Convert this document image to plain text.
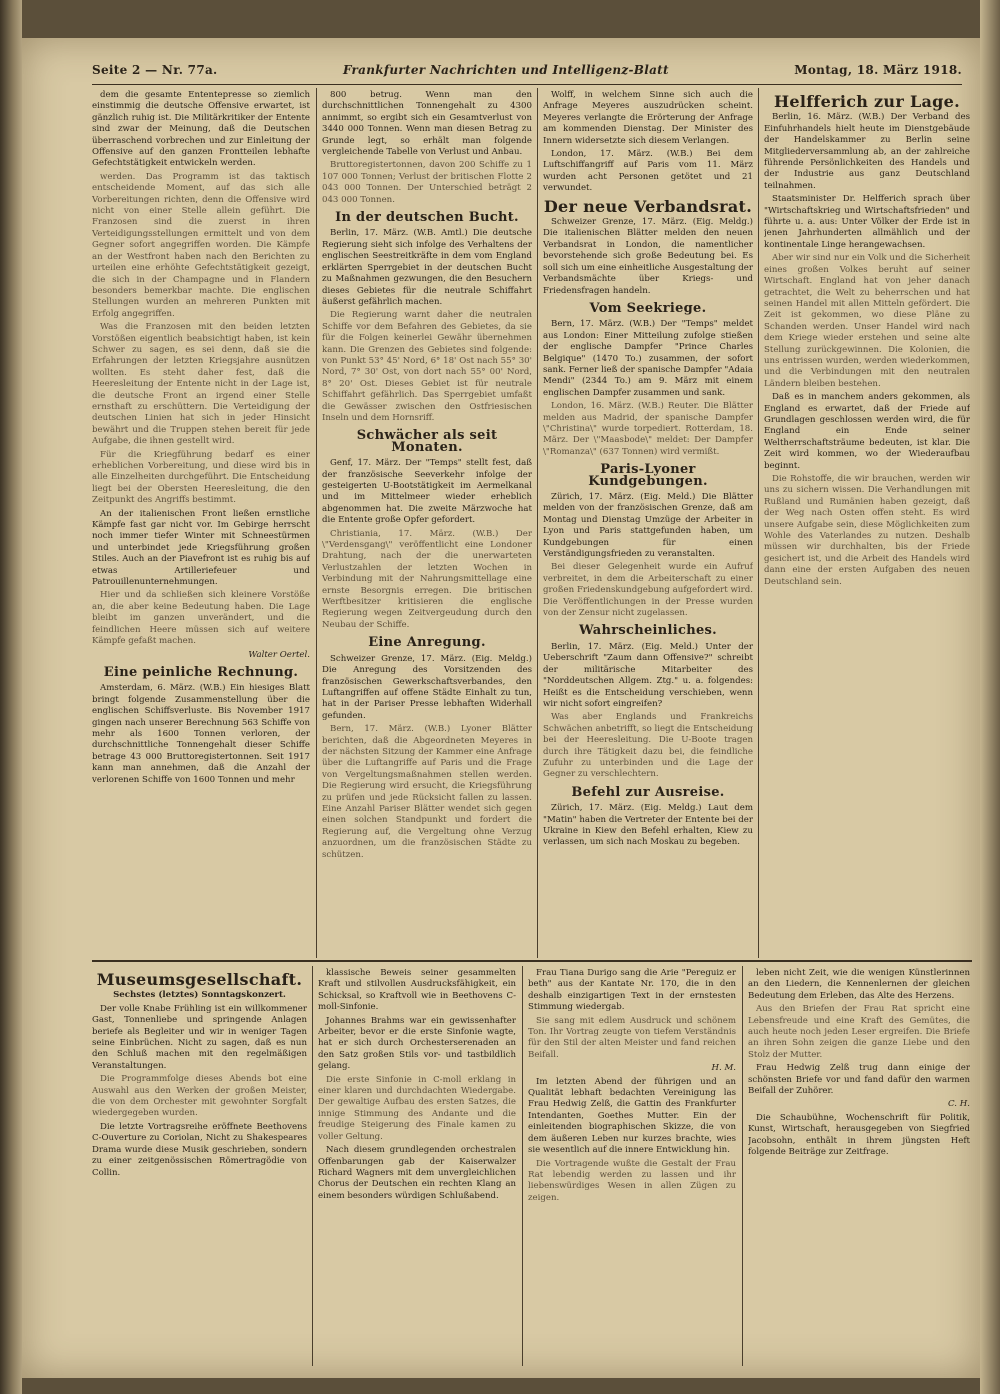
Seite 2 — Nr. 77a.	Frankfurter Nachrichten und Intelligenz-Blatt	Montag, 18. März 1918.

dem die gesamte Ententepresse so ziemlich einstimmig die deutsche Offensive erwartet, ist gänzlich ruhig ist. Die Militärkritiker der Entente sind zwar der Meinung, daß die Deutschen überraschend vorbrechen und zur Einleitung der Offensive auf den ganzen Frontteilen lebhafte Gefechtstätigkeit entwickeln werden.

werden. Das Programm ist das taktisch entscheidende Moment, auf das sich alle Vorbereitungen richten, denn die Offensive wird nicht von einer Stelle allein geführt. Die Franzosen sind die zuerst in ihren Verteidigungsstellungen ermittelt und von dem Gegner sofort angegriffen worden. Die Kämpfe an der Westfront haben nach den Berichten zu urteilen eine erhöhte Gefechtstätigkeit gezeigt, die sich in der Champagne und in Flandern besonders bemerkbar machte. Die englischen Stellungen wurden an mehreren Punkten mit Erfolg angegriffen.

Was die Franzosen mit den beiden letzten Vorstößen eigentlich beabsichtigt haben, ist kein Schwer zu sagen, es sei denn, daß sie die Erfahrungen der letzten Kriegsjahre ausnützen wollten. Es steht daher fest, daß die Heeresleitung der Entente nicht in der Lage ist, die deutsche Front an irgend einer Stelle ernsthaft zu erschüttern. Die Verteidigung der deutschen Linien hat sich in jeder Hinsicht bewährt und die Truppen stehen bereit für jede Aufgabe, die ihnen gestellt wird.

Für die Kriegführung bedarf es einer erheblichen Vorbereitung, und diese wird bis in alle Einzelheiten durchgeführt. Die Entscheidung liegt bei der Obersten Heeresleitung, die den Zeitpunkt des Angriffs bestimmt.

An der italienischen Front ließen ernstliche Kämpfe fast gar nicht vor. Im Gebirge herrscht noch immer tiefer Winter mit Schneestürmen und unterbindet jede Kriegsführung großen Stiles. Auch an der Piavefront ist es ruhig bis auf etwas Artilleriefeuer und Patrouillenunternehmungen.

Hier und da schließen sich kleinere Vorstöße an, die aber keine Bedeutung haben. Die Lage bleibt im ganzen unverändert, und die feindlichen Heere müssen sich auf weitere Kämpfe gefaßt machen.

Walter Oertel.

Eine peinliche Rechnung.

Amsterdam, 6. März. (W.B.) Ein hiesiges Blatt bringt folgende Zusammenstellung über die englischen Schiffsverluste. Bis November 1917 gingen nach unserer Berechnung 563 Schiffe von mehr als 1600 Tonnen verloren, der durchschnittliche Tonnengehalt dieser Schiffe betrage 43 000 Bruttoregistertonnen. Seit 1917 kann man annehmen, daß die Anzahl der verlorenen Schiffe von 1600 Tonnen und mehr

800 betrug. Wenn man den durchschnittlichen Tonnengehalt zu 4300 annimmt, so ergibt sich ein Gesamtverlust von 3440 000 Tonnen. Wenn man diesen Betrag zu Grunde legt, so erhält man folgende vergleichende Tabelle von Verlust und Anbau.

Bruttoregistertonnen, davon 200 Schiffe zu 1 107 000 Tonnen; Verlust der britischen Flotte 2 043 000 Tonnen. Der Unterschied beträgt 2 043 000 Tonnen.

In der deutschen Bucht.

Berlin, 17. März. (W.B. Amtl.) Die deutsche Regierung sieht sich infolge des Verhaltens der englischen Seestreitkräfte in dem vom England erklärten Sperrgebiet in der deutschen Bucht zu Maßnahmen gezwungen, die den Besuchern dieses Gebietes für die neutrale Schiffahrt äußerst gefährlich machen.

Die Regierung warnt daher die neutralen Schiffe vor dem Befahren des Gebietes, da sie für die Folgen keinerlei Gewähr übernehmen kann. Die Grenzen des Gebietes sind folgende: von Punkt 53° 45' Nord, 6° 18' Ost nach 55° 30' Nord, 7° 30' Ost, von dort nach 55° 00' Nord, 8° 20' Ost. Dieses Gebiet ist für neutrale Schiffahrt gefährlich. Das Sperrgebiet umfaßt die Gewässer zwischen den Ostfriesischen Inseln und dem Hornsriff.

Schwächer als seit Monaten.

Genf, 17. März. Der "Temps" stellt fest, daß der französische Seeverkehr infolge der gesteigerten U-Bootstätigkeit im Aermelkanal und im Mittelmeer wieder erheblich abgenommen hat. Die zweite Märzwoche hat die Entente große Opfer gefordert.

Christiania, 17. März. (W.B.) Der \"Verdensgang\" veröffentlicht eine Londoner Drahtung, nach der die unerwarteten Verlustzahlen der letzten Wochen in Verbindung mit der Nahrungsmittellage eine ernste Besorgnis erregen. Die britischen Werftbesitzer kritisieren die englische Regierung wegen Zeitvergeudung durch den Neubau der Schiffe.

Eine Anregung.

Schweizer Grenze, 17. März. (Eig. Meldg.) Die Anregung des Vorsitzenden des französischen Gewerkschaftsverbandes, den Luftangriffen auf offene Städte Einhalt zu tun, hat in der Pariser Presse lebhaften Widerhall gefunden.

Bern, 17. März. (W.B.) Lyoner Blätter berichten, daß die Abgeordneten Meyeres in der nächsten Sitzung der Kammer eine Anfrage über die Luftangriffe auf Paris und die Frage von Vergeltungsmaßnahmen stellen werden. Die Regierung wird ersucht, die Kriegsführung zu prüfen und jede Rücksicht fallen zu lassen. Eine Anzahl Pariser Blätter wendet sich gegen einen solchen Standpunkt und fordert die Regierung auf, die Vergeltung ohne Verzug anzuordnen, um die französischen Städte zu schützen.

Wolff, in welchem Sinne sich auch die Anfrage Meyeres auszudrücken scheint. Meyeres verlangte die Erörterung der Anfrage am kommenden Dienstag. Der Minister des Innern widersetzte sich diesem Verlangen.

London, 17. März. (W.B.) Bei dem Luftschiffangriff auf Paris vom 11. März wurden acht Personen getötet und 21 verwundet.

Der neue Verbandsrat.

Schweizer Grenze, 17. März. (Eig. Meldg.) Die italienischen Blätter melden den neuen Verbandsrat in London, die namentlicher bevorstehende sich große Bedeutung bei. Es soll sich um eine einheitliche Ausgestaltung der Verbandsmächte über Kriegs- und Friedensfragen handeln.

Vom Seekriege.

Bern, 17. März. (W.B.) Der "Temps" meldet aus London: Einer Mitteilung zufolge stießen der englische Dampfer "Prince Charles Belgique" (1470 To.) zusammen, der sofort sank. Ferner ließ der spanische Dampfer "Adaia Mendi" (2344 To.) am 9. März mit einem englischen Dampfer zusammen und sank.

London, 16. März. (W.B.) Reuter. Die Blätter melden aus Madrid, der spanische Dampfer \"Christina\" wurde torpediert. Rotterdam, 18. März. Der \"Maasbode\" meldet: Der Dampfer \"Romanza\" (637 Tonnen) wird vermißt.

Paris-Lyoner Kundgebungen.

Zürich, 17. März. (Eig. Meld.) Die Blätter melden von der französischen Grenze, daß am Montag und Dienstag Umzüge der Arbeiter in Lyon und Paris stattgefunden haben, um Kundgebungen für einen Verständigungsfrieden zu veranstalten.

Bei dieser Gelegenheit wurde ein Aufruf verbreitet, in dem die Arbeiterschaft zu einer großen Friedenskundgebung aufgefordert wird. Die Veröffentlichungen in der Presse wurden von der Zensur nicht zugelassen.

Wahrscheinliches.

Berlin, 17. März. (Eig. Meld.) Unter der Ueberschrift "Zaum dann Offensive?" schreibt der militärische Mitarbeiter des "Norddeutschen Allgem. Ztg." u. a. folgendes: Heißt es die Entscheidung verschieben, wenn wir nicht sofort eingreifen?

Was aber Englands und Frankreichs Schwächen anbetrifft, so liegt die Entscheidung bei der Heeresleitung. Die U-Boote tragen durch ihre Tätigkeit dazu bei, die feindliche Zufuhr zu unterbinden und die Lage der Gegner zu verschlechtern.

Befehl zur Ausreise.

Zürich, 17. März. (Eig. Meldg.) Laut dem "Matin" haben die Vertreter der Entente bei der Ukraine in Kiew den Befehl erhalten, Kiew zu verlassen, um sich nach Moskau zu begeben.

Helfferich zur Lage.

Berlin, 16. März. (W.B.) Der Verband des Einfuhrhandels hielt heute im Dienstgebäude der Handelskammer zu Berlin seine Mitgliederversammlung ab, an der zahlreiche führende Persönlichkeiten des Handels und der Industrie aus ganz Deutschland teilnahmen.

Staatsminister Dr. Helfferich sprach über "Wirtschaftskrieg und Wirtschaftsfrieden" und führte u. a. aus: Unter Völker der Erde ist in jenen Jahrhunderten allmählich und der kontinentale Linge herangewachsen.

Aber wir sind nur ein Volk und die Sicherheit eines großen Volkes beruht auf seiner Wirtschaft. England hat von jeher danach getrachtet, die Welt zu beherrschen und hat seinen Handel mit allen Mitteln gefördert. Die Zeit ist gekommen, wo diese Pläne zu Schanden werden. Unser Handel wird nach dem Kriege wieder erstehen und seine alte Stellung zurückgewinnen. Die Kolonien, die uns entrissen wurden, werden wiederkommen, und die Verbindungen mit den neutralen Ländern bleiben bestehen.

Daß es in manchem anders gekommen, als England es erwartet, daß der Friede auf Grundlagen geschlossen werden wird, die für England ein Ende seiner Weltherrschaftsträume bedeuten, ist klar. Die Zeit wird kommen, wo der Wiederaufbau beginnt.

Die Rohstoffe, die wir brauchen, werden wir uns zu sichern wissen. Die Verhandlungen mit Rußland und Rumänien haben gezeigt, daß der Weg nach Osten offen steht. Es wird unsere Aufgabe sein, diese Möglichkeiten zum Wohle des Vaterlandes zu nutzen. Deshalb müssen wir durchhalten, bis der Friede gesichert ist, und die Arbeit des Handels wird dann eine der ersten Aufgaben des neuen Deutschland sein.

Museumsgesellschaft.

Sechstes (letztes) Sonntagskonzert.

Der volle Knabe Frühling ist ein willkommener Gast, Tonnenliebe und springende Anlagen beriefe als Begleiter und wir in weniger Tagen seine Einbrüchen. Nicht zu sagen, daß es nun den Schluß machen mit den regelmäßigen Veranstaltungen.

Die Programmfolge dieses Abends bot eine Auswahl aus den Werken der großen Meister, die von dem Orchester mit gewohnter Sorgfalt wiedergegeben wurden.

Die letzte Vortragsreihe eröffnete Beethovens C-Ouverture zu Coriolan, Nicht zu Shakespeares Drama wurde diese Musik geschrieben, sondern zu einer zeitgenössischen Römertragödie von Collin.

klassische Beweis seiner gesammelten Kraft und stilvollen Ausdrucksfähigkeit, ein Schicksal, so Kraftvoll wie in Beethovens C-moll-Sinfonie.

Johannes Brahms war ein gewissenhafter Arbeiter, bevor er die erste Sinfonie wagte, hat er sich durch Orchesterserenaden an den Satz großen Stils vor- und tastbildlich gelang.

Die erste Sinfonie in C-moll erklang in einer klaren und durchdachten Wiedergabe. Der gewaltige Aufbau des ersten Satzes, die innige Stimmung des Andante und die freudige Steigerung des Finale kamen zu voller Geltung.

Nach diesem grundlegenden orchestralen Offenbarungen gab der Kaiserwalzer Richard Wagners mit dem unvergleichlichen Chorus der Deutschen ein rechten Klang an einem besonders würdigen Schlußabend.

Frau Tiana Durigo sang die Arie "Pereguiz er beth" aus der Kantate Nr. 170, die in den deshalb einzigartigen Text in der ernstesten Stimmung wiedergab.

Sie sang mit edlem Ausdruck und schönem Ton. Ihr Vortrag zeugte von tiefem Verständnis für den Stil der alten Meister und fand reichen Beifall.

H. M.

Im letzten Abend der führigen und an Qualität lebhaft bedachten Vereinigung las Frau Hedwig Zelß, die Gattin des Frankfurter Intendanten, Goethes Mutter. Ein der einleitenden biographischen Skizze, die von dem äußeren Leben nur kurzes brachte, wies sie wesentlich auf die innere Entwicklung hin.

Die Vortragende wußte die Gestalt der Frau Rat lebendig werden zu lassen und ihr liebenswürdiges Wesen in allen Zügen zu zeigen.

leben nicht Zeit, wie die wenigen Künstlerinnen an den Liedern, die Kennenlernen der gleichen Bedeutung dem Erleben, das Alte des Herzens.

Aus den Briefen der Frau Rat spricht eine Lebensfreude und eine Kraft des Gemütes, die auch heute noch jeden Leser ergreifen. Die Briefe an ihren Sohn zeigen die ganze Liebe und den Stolz der Mutter.

Frau Hedwig Zelß trug dann einige der schönsten Briefe vor und fand dafür den warmen Beifall der Zuhörer.

C. H.

Die Schaubühne, Wochenschrift für Politik, Kunst, Wirtschaft, herausgegeben von Siegfried Jacobsohn, enthält in ihrem jüngsten Heft folgende Beiträge zur Zeitfrage.
